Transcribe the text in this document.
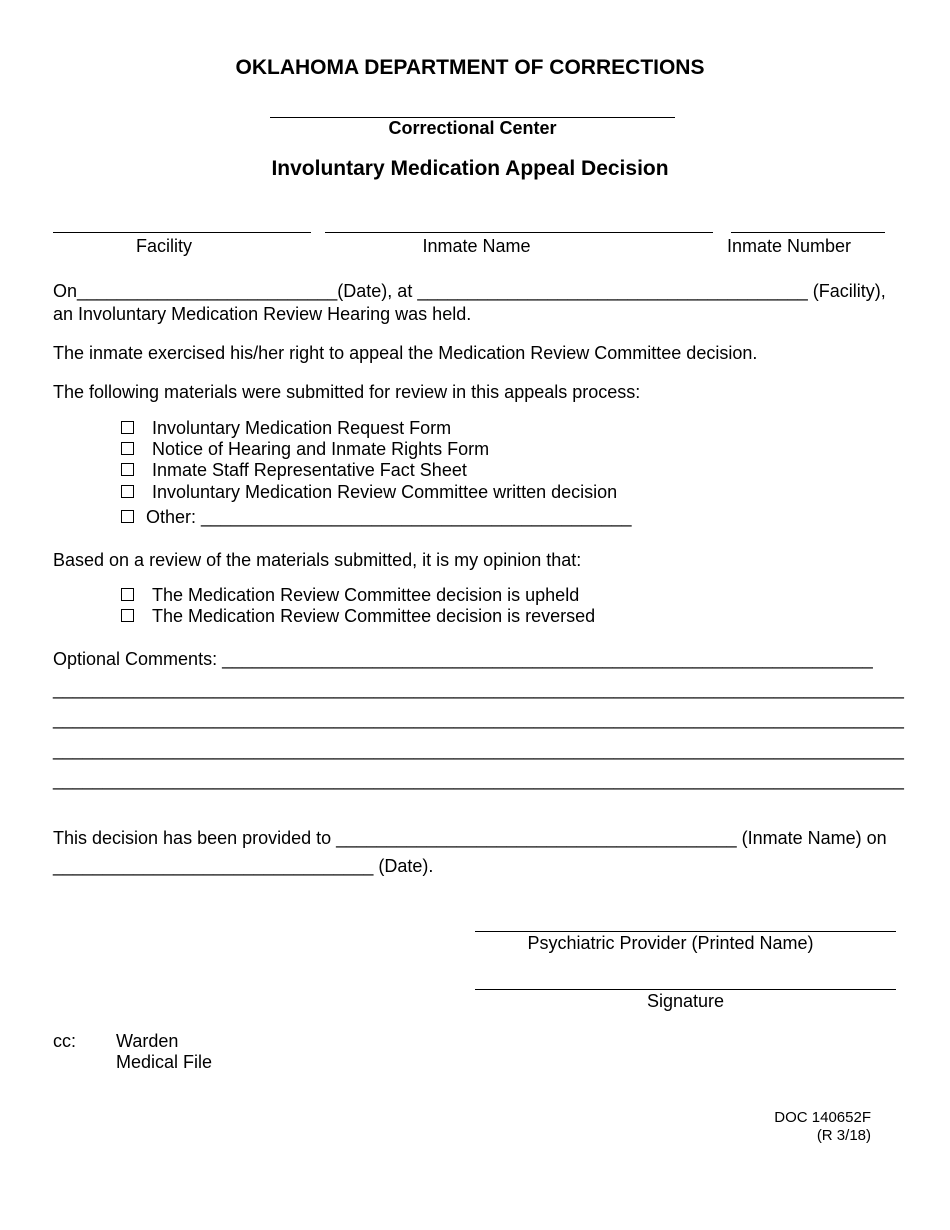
OKLAHOMA DEPARTMENT OF CORRECTIONS
Correctional Center
Involuntary Medication Appeal Decision
Facility	Inmate Name	Inmate Number
On__________________________(Date), at _______________________________________ (Facility),
an Involuntary Medication Review Hearing was held.
The inmate exercised his/her right to appeal the Medication Review Committee decision.
The following materials were submitted for review in this appeals process:
Involuntary Medication Request Form
Notice of Hearing and Inmate Rights Form
Inmate Staff Representative Fact Sheet
Involuntary Medication Review Committee written decision
Other: ___________________________________________
Based on a review of the materials submitted, it is my opinion that:
The Medication Review Committee decision is upheld
The Medication Review Committee decision is reversed
Optional Comments: _________________________________________________________________
_____________________________________________________________________________________
_____________________________________________________________________________________
_____________________________________________________________________________________
_____________________________________________________________________________________
This decision has been provided to ________________________________________ (Inmate Name) on
________________________________ (Date).
Psychiatric Provider (Printed Name)
Signature
cc: Warden
Medical File
DOC 140652F
(R 3/18)
